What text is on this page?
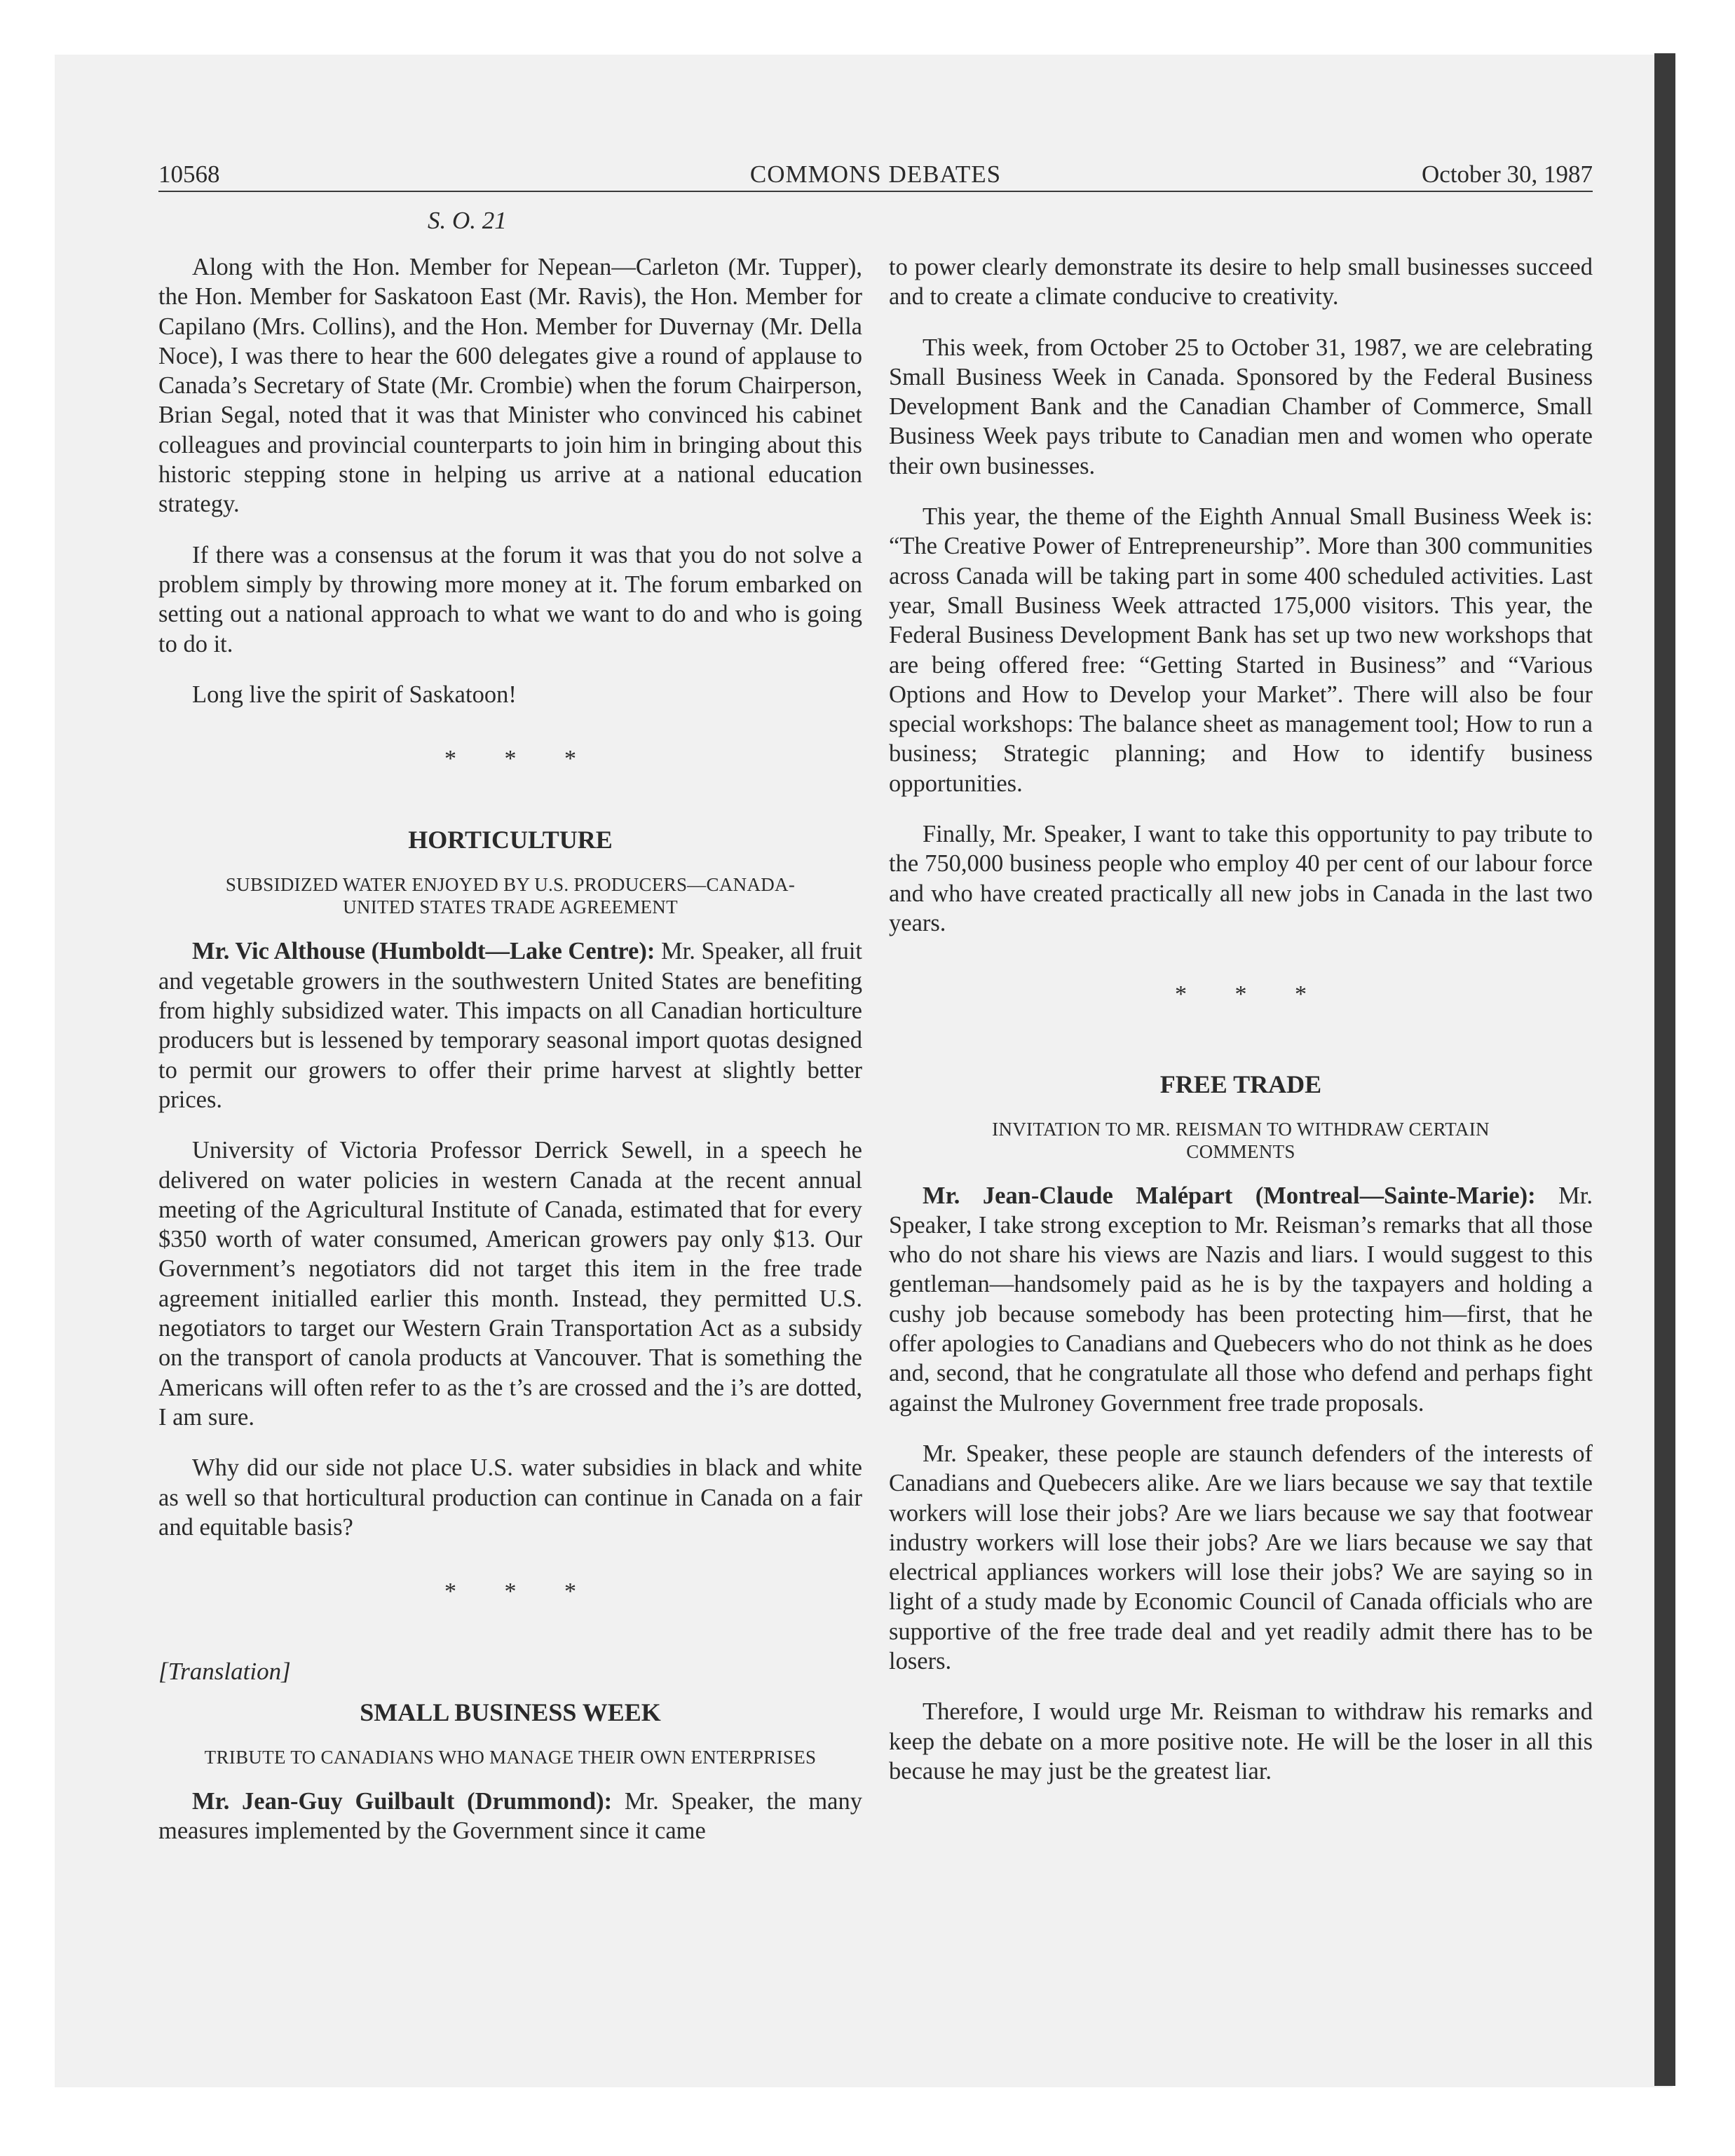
10568	COMMONS DEBATES	October 30, 1987
S. O. 21

Along with the Hon. Member for Nepean—Carleton (Mr. Tupper), the Hon. Member for Saskatoon East (Mr. Ravis), the Hon. Member for Capilano (Mrs. Collins), and the Hon. Member for Duvernay (Mr. Della Noce), I was there to hear the 600 delegates give a round of applause to Canada’s Secretary of State (Mr. Crombie) when the forum Chairperson, Brian Segal, noted that it was that Minister who convinced his cabinet colleagues and provincial counterparts to join him in bringing about this historic stepping stone in helping us arrive at a national education strategy.

If there was a consensus at the forum it was that you do not solve a problem simply by throwing more money at it. The forum embarked on setting out a national approach to what we want to do and who is going to do it.

Long live the spirit of Saskatoon!

* * *
HORTICULTURE
SUBSIDIZED WATER ENJOYED BY U.S. PRODUCERS—CANADA-UNITED STATES TRADE AGREEMENT

Mr. Vic Althouse (Humboldt—Lake Centre): Mr. Speaker, all fruit and vegetable growers in the southwestern United States are benefiting from highly subsidized water. This impacts on all Canadian horticulture producers but is lessened by temporary seasonal import quotas designed to permit our growers to offer their prime harvest at slightly better prices.

University of Victoria Professor Derrick Sewell, in a speech he delivered on water policies in western Canada at the recent annual meeting of the Agricultural Institute of Canada, estimated that for every $350 worth of water consumed, American growers pay only $13. Our Government’s negotiators did not target this item in the free trade agreement initialled earlier this month. Instead, they permitted U.S. negotiators to target our Western Grain Transportation Act as a subsidy on the transport of canola products at Vancouver. That is something the Americans will often refer to as the t’s are crossed and the i’s are dotted, I am sure.

Why did our side not place U.S. water subsidies in black and white as well so that horticultural production can continue in Canada on a fair and equitable basis?

* * *
[Translation]
SMALL BUSINESS WEEK
TRIBUTE TO CANADIANS WHO MANAGE THEIR OWN ENTERPRISES

Mr. Jean-Guy Guilbault (Drummond): Mr. Speaker, the many measures implemented by the Government since it came

to power clearly demonstrate its desire to help small businesses succeed and to create a climate conducive to creativity.

This week, from October 25 to October 31, 1987, we are celebrating Small Business Week in Canada. Sponsored by the Federal Business Development Bank and the Canadian Chamber of Commerce, Small Business Week pays tribute to Canadian men and women who operate their own businesses.

This year, the theme of the Eighth Annual Small Business Week is: “The Creative Power of Entrepreneurship”. More than 300 communities across Canada will be taking part in some 400 scheduled activities. Last year, Small Business Week attracted 175,000 visitors. This year, the Federal Business Development Bank has set up two new workshops that are being offered free: “Getting Started in Business” and “Various Options and How to Develop your Market”. There will also be four special workshops: The balance sheet as management tool; How to run a business; Strategic planning; and How to identify business opportunities.

Finally, Mr. Speaker, I want to take this opportunity to pay tribute to the 750,000 business people who employ 40 per cent of our labour force and who have created practically all new jobs in Canada in the last two years.

* * *
FREE TRADE
INVITATION TO MR. REISMAN TO WITHDRAW CERTAIN COMMENTS

Mr. Jean-Claude Malépart (Montreal—Sainte-Marie): Mr. Speaker, I take strong exception to Mr. Reisman’s remarks that all those who do not share his views are Nazis and liars. I would suggest to this gentleman—handsomely paid as he is by the taxpayers and holding a cushy job because somebody has been protecting him—first, that he offer apologies to Canadians and Quebecers who do not think as he does and, second, that he congratulate all those who defend and perhaps fight against the Mulroney Government free trade proposals.

Mr. Speaker, these people are staunch defenders of the interests of Canadians and Quebecers alike. Are we liars because we say that textile workers will lose their jobs? Are we liars because we say that footwear industry workers will lose their jobs? Are we liars because we say that electrical appliances workers will lose their jobs? We are saying so in light of a study made by Economic Council of Canada officials who are supportive of the free trade deal and yet readily admit there has to be losers.

Therefore, I would urge Mr. Reisman to withdraw his remarks and keep the debate on a more positive note. He will be the loser in all this because he may just be the greatest liar.
